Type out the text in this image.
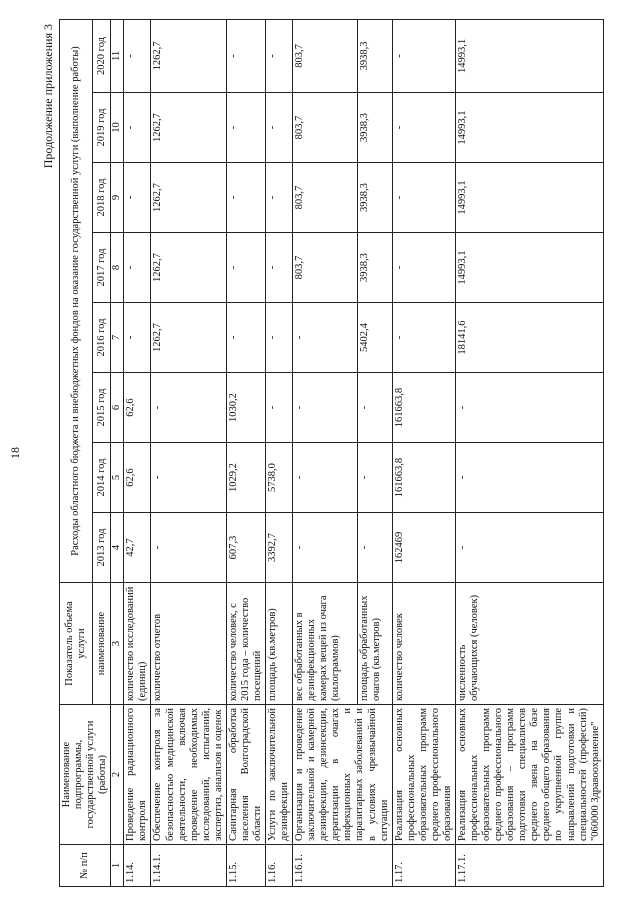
18
Продолжение приложения 3
№ п/п	Наименование подпрограммы, государственной услуги (работы)	Показатель объема услуги	Расходы областного бюджета и внебюджетных фондов на оказание государственной услуги (выполнение работы)							
		наименование	2013 год	2014 год	2015 год	2016 год	2017 год	2018 год	2019 год	2020 год
1	2	3	4	5	6	7	8	9	10	11
1.14.	Проведение радиационного контроля	количество исследований (единиц)	42,7	62,6	62,6	-	-	-	-	-
1.14.1.	Обеспечение контроля за безопасностью медицинской деятельности, включая проведение необходимых исследований, испытаний, экспертиз, анализов и оценок	количество отчетов	-	-	-	1262,7	1262,7	1262,7	1262,7	1262,7
1.15.	Санитарная обработка населения Волгоградской области	количество человек, с 2015 года – количество посещений	607,3	1029,2	1030,2	-	-	-	-	-
1.16.	Услуги по заключительной дезинфекции	площадь (кв.метров)	3392,7	5738,0	-	-	-	-	-	-
1.16.1.	Организация и проведение заключительной и камерной дезинфекции, дезинсекции, дератизации в очагах инфекционных и паразитарных заболеваний и в условиях чрезвычайной ситуации	вес обработанных в дезинфекционных камерах вещей из очага (килограммов)	-	-	-	-	803,7	803,7	803,7	803,7
		площадь обработанных очагов (кв.метров)	-	-	-	5402,4	3938,3	3938,3	3938,3	3938,3
1.17.	Реализация основных профессиональных образовательных программ среднего профессионального образования	количество человек	162469	161663,8	161663,8	-	-	-	-	-
1.17.1.	Реализация основных профессиональных образовательных программ среднего профессионального образования – программ подготовки специалистов среднего звена на базе среднего общего образования по укрупненной группе направлений подготовки и специальностей (профессий) "060000 Здравоохранение"	численность обучающихся (человек)	-	-	-	18141,6	14993,1	14993,1	14993,1	14993,1
